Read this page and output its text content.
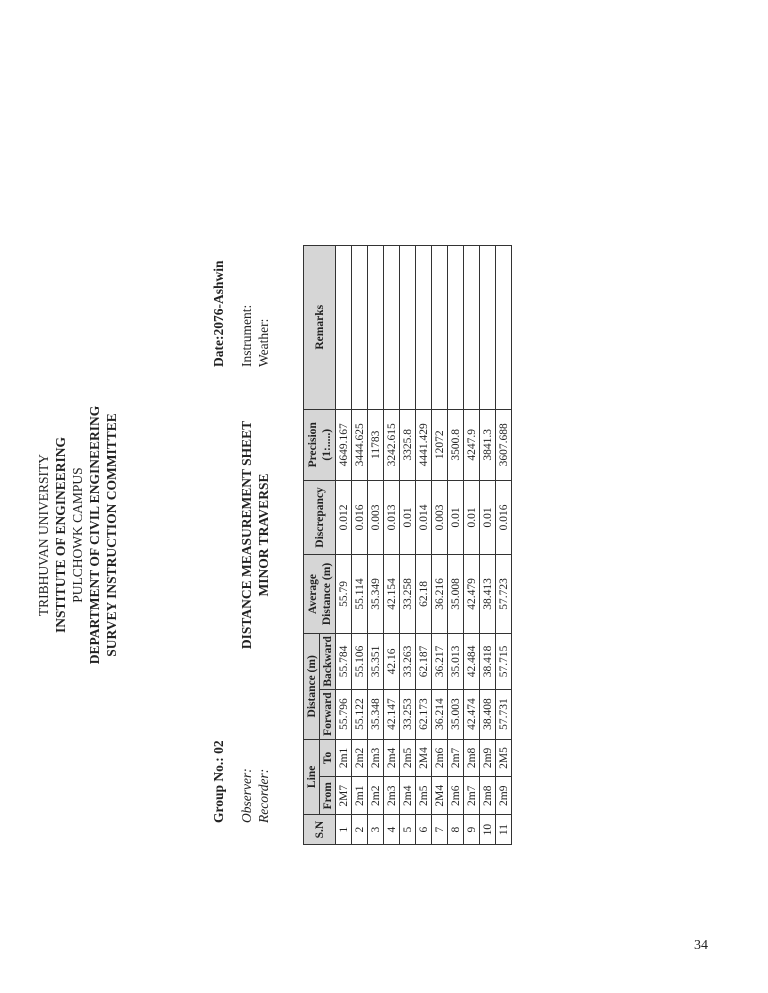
TRIBHUVAN UNIVERSITY INSTITUTE OF ENGINEERING PULCHOWK CAMPUS DEPARTMENT OF CIVIL ENGINEERING SURVEY INSTRUCTION COMMITTEE	DISTANCE MEASUREMENT SHEET MINOR TRAVERSE
Group No.: 02 Observer: Recorder:
Date:2076-Ashwin Instrument: Weather:
S.N	Line		Distance (m)		Average Distance (m)	Discrepancy	Precision (1:.....)	Remarks
	From	To	Forward	Backward				
1	2M7	2m1	55.796	55.784	55.79	0.012	4649.167	
2	2m1	2m2	55.122	55.106	55.114	0.016	3444.625	
3	2m2	2m3	35.348	35.351	35.349	0.003	11783	
4	2m3	2m4	42.147	42.16	42.154	0.013	3242.615	
5	2m4	2m5	33.253	33.263	33.258	0.01	3325.8	
6	2m5	2M4	62.173	62.187	62.18	0.014	4441.429	
7	2M4	2m6	36.214	36.217	36.216	0.003	12072	
8	2m6	2m7	35.003	35.013	35.008	0.01	3500.8	
9	2m7	2m8	42.474	42.484	42.479	0.01	4247.9	
10	2m8	2m9	38.408	38.418	38.413	0.01	3841.3	
11	2m9	2M5	57.731	57.715	57.723	0.016	3607.688	
34
